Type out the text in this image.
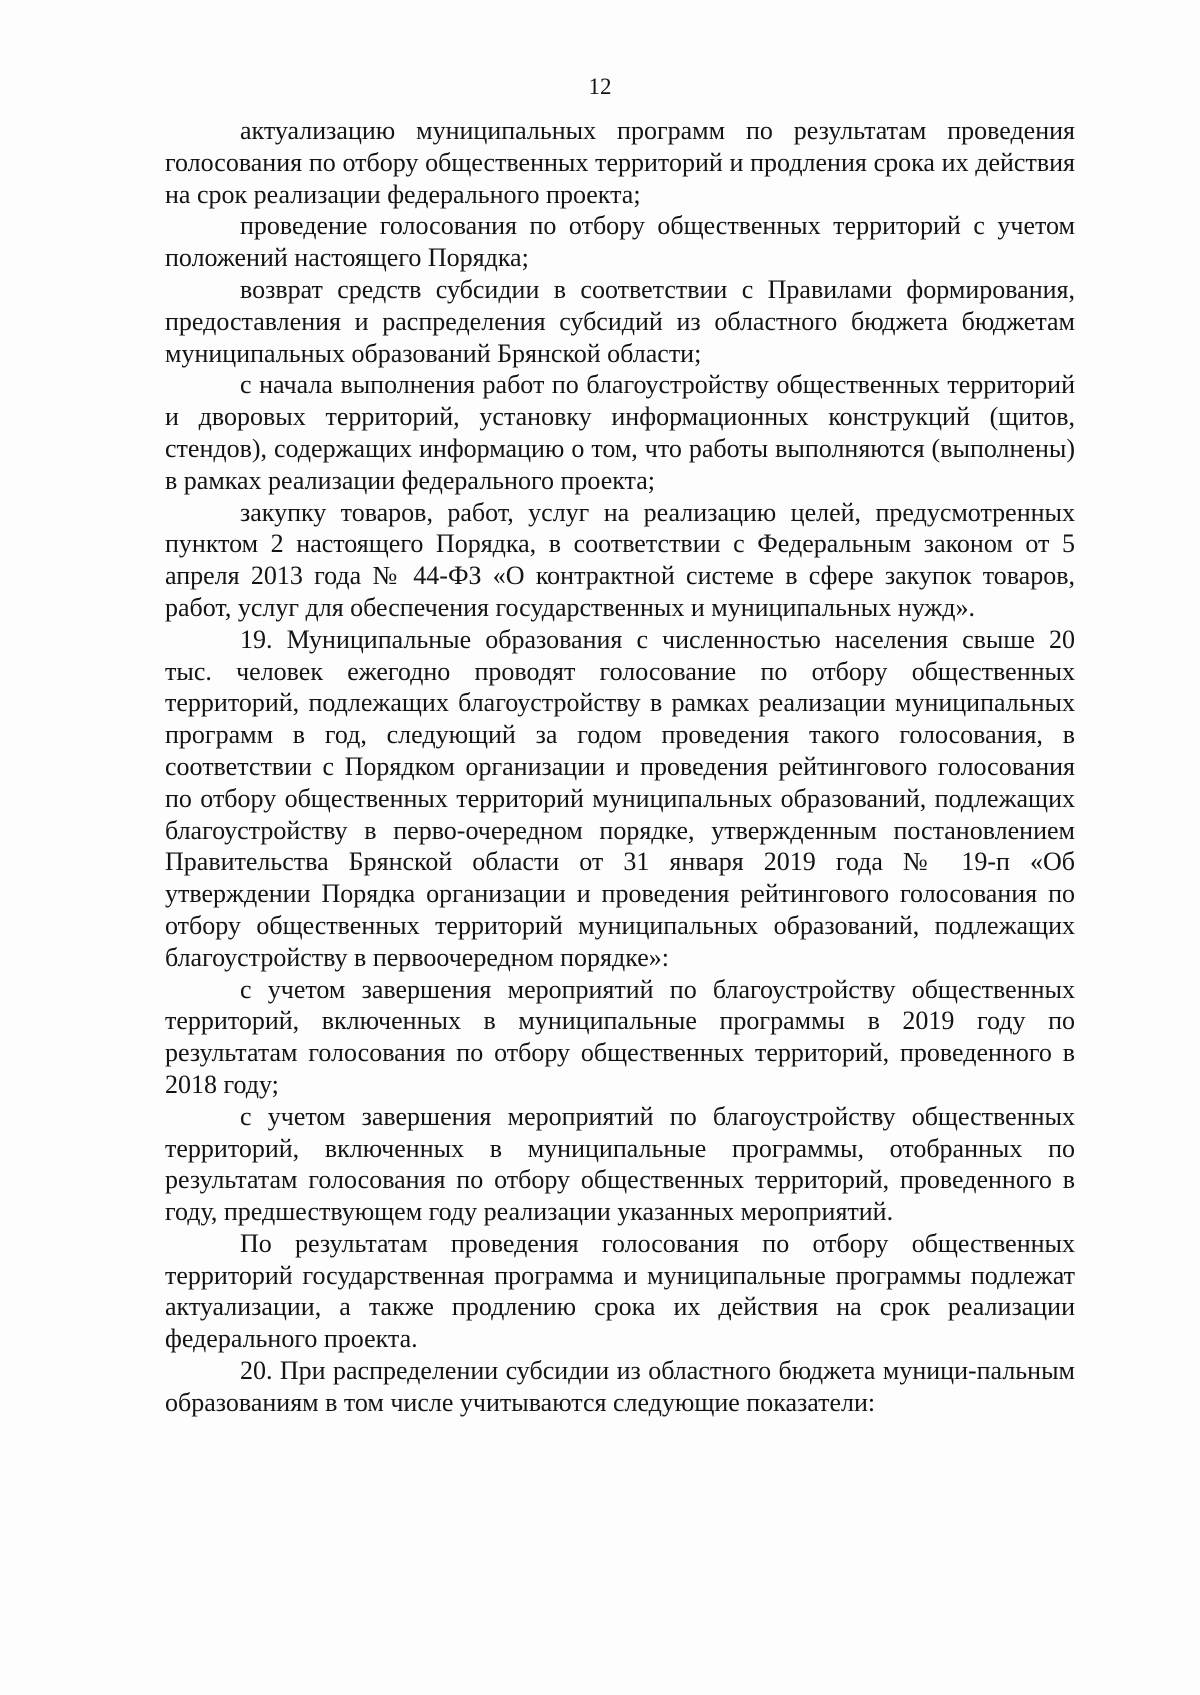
12

актуализацию муниципальных программ по результатам проведения голосования по отбору общественных территорий и продления срока их действия на срок реализации федерального проекта;

проведение голосования по отбору общественных территорий с учетом положений настоящего Порядка;

возврат средств субсидии в соответствии с Правилами формирования, предоставления и распределения субсидий из областного бюджета бюджетам муниципальных образований Брянской области;

с начала выполнения работ по благоустройству общественных территорий и дворовых территорий, установку информационных конструкций (щитов, стендов), содержащих информацию о том, что работы выполняются (выполнены) в рамках реализации федерального проекта;

закупку товаров, работ, услуг на реализацию целей, предусмотренных пунктом 2 настоящего Порядка, в соответствии с Федеральным законом от 5 апреля 2013 года № 44-ФЗ «О контрактной системе в сфере закупок товаров, работ, услуг для обеспечения государственных и муниципальных нужд».

19. Муниципальные образования с численностью населения свыше 20 тыс. человек ежегодно проводят голосование по отбору общественных территорий, подлежащих благоустройству в рамках реализации муниципальных программ в год, следующий за годом проведения такого голосования, в соответствии с Порядком организации и проведения рейтингового голосования по отбору общественных территорий муниципальных образований, подлежащих благоустройству в перво-очередном порядке, утвержденным постановлением Правительства Брянской области от 31 января 2019 года № 19-п «Об утверждении Порядка организации и проведения рейтингового голосования по отбору общественных территорий муниципальных образований, подлежащих благоустройству в первоочередном порядке»:

с учетом завершения мероприятий по благоустройству общественных территорий, включенных в муниципальные программы в 2019 году по результатам голосования по отбору общественных территорий, проведенного в 2018 году;

с учетом завершения мероприятий по благоустройству общественных территорий, включенных в муниципальные программы, отобранных по результатам голосования по отбору общественных территорий, проведенного в году, предшествующем году реализации указанных мероприятий.

По результатам проведения голосования по отбору общественных территорий государственная программа и муниципальные программы подлежат актуализации, а также продлению срока их действия на срок реализации федерального проекта.

20. При распределении субсидии из областного бюджета муници-пальным образованиям в том числе учитываются следующие показатели:
